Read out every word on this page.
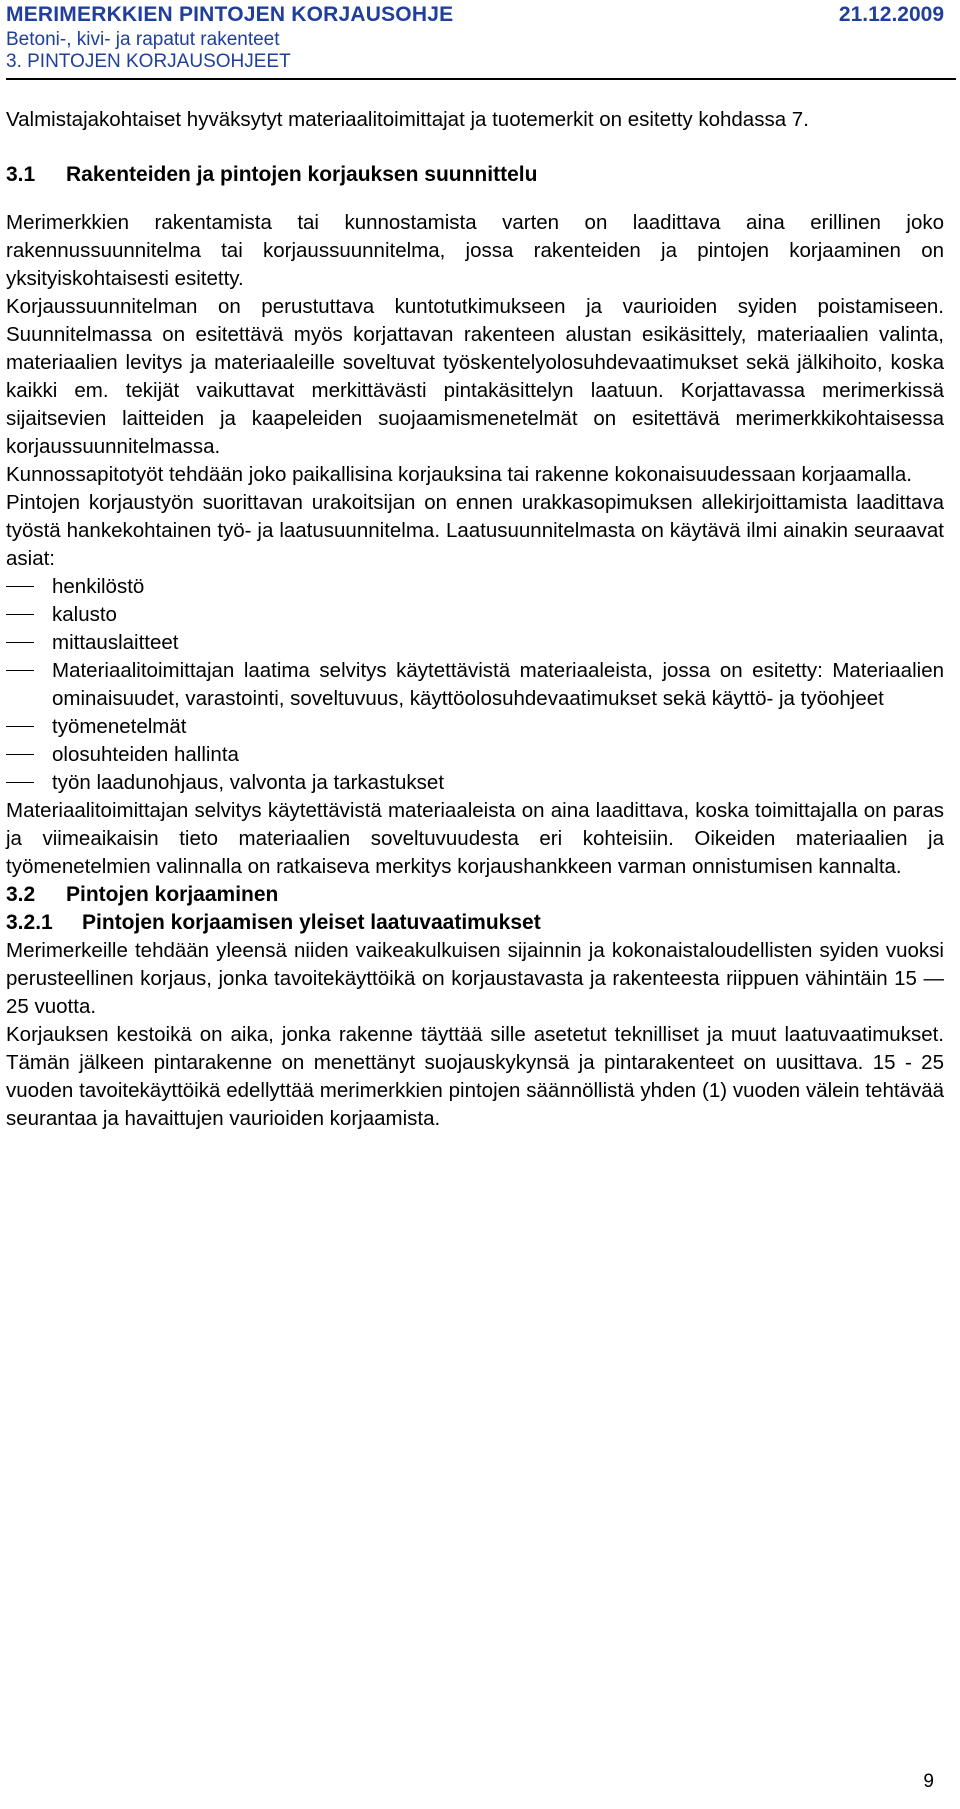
MERIMERKKIEN PINTOJEN KORJAUSOHJE	21.12.2009
Betoni-, kivi- ja rapatut rakenteet
3. PINTOJEN KORJAUSOHJEET

Valmistajakohtaiset hyväksytyt materiaalitoimittajat ja tuotemerkit on esitetty kohdassa 7.

3.1 Rakenteiden ja pintojen korjauksen suunnittelu

Merimerkkien rakentamista tai kunnostamista varten on laadittava aina erillinen joko rakennussuunnitelma tai korjaussuunnitelma, jossa rakenteiden ja pintojen korjaaminen on yksityiskohtaisesti esitetty.

Korjaussuunnitelman on perustuttava kuntotutkimukseen ja vaurioiden syiden poistamiseen. Suunnitelmassa on esitettävä myös korjattavan rakenteen alustan esikäsittely, materiaalien valinta, materiaalien levitys ja materiaaleille soveltuvat työskentelyolosuhdevaatimukset sekä jälkihoito, koska kaikki em. tekijät vaikuttavat merkittävästi pintakäsittelyn laatuun. Korjattavassa merimerkissä sijaitsevien laitteiden ja kaapeleiden suojaamismenetelmät on esitettävä merimerkkikohtaisessa korjaussuunnitelmassa.

Kunnossapitotyöt tehdään joko paikallisina korjauksina tai rakenne kokonaisuudessaan korjaamalla.

Pintojen korjaustyön suorittavan urakoitsijan on ennen urakkasopimuksen allekirjoittamista laadittava työstä hankekohtainen työ- ja laatusuunnitelma. Laatusuunnitelmasta on käytävä ilmi ainakin seuraavat asiat:

henkilöstö
kalusto
mittauslaitteet
Materiaalitoimittajan laatima selvitys käytettävistä materiaaleista, jossa on esitetty: Materiaalien ominaisuudet, varastointi, soveltuvuus, käyttöolosuhdevaatimukset sekä käyttö- ja työohjeet
työmenetelmät
olosuhteiden hallinta
työn laadunohjaus, valvonta ja tarkastukset

Materiaalitoimittajan selvitys käytettävistä materiaaleista on aina laadittava, koska toimittajalla on paras ja viimeaikaisin tieto materiaalien soveltuvuudesta eri kohteisiin. Oikeiden materiaalien ja työmenetelmien valinnalla on ratkaiseva merkitys korjaushankkeen varman onnistumisen kannalta.

3.2 Pintojen korjaaminen
3.2.1 Pintojen korjaamisen yleiset laatuvaatimukset

Merimerkeille tehdään yleensä niiden vaikeakulkuisen sijainnin ja kokonaistaloudellisten syiden vuoksi perusteellinen korjaus, jonka tavoitekäyttöikä on korjaustavasta ja rakenteesta riippuen vähintäin 15 — 25 vuotta.

Korjauksen kestoikä on aika, jonka rakenne täyttää sille asetetut teknilliset ja muut laatuvaatimukset. Tämän jälkeen pintarakenne on menettänyt suojauskykynsä ja pintarakenteet on uusittava. 15 - 25 vuoden tavoitekäyttöikä edellyttää merimerkkien pintojen säännöllistä yhden (1) vuoden välein tehtävää seurantaa ja havaittujen vaurioiden korjaamista.

9
